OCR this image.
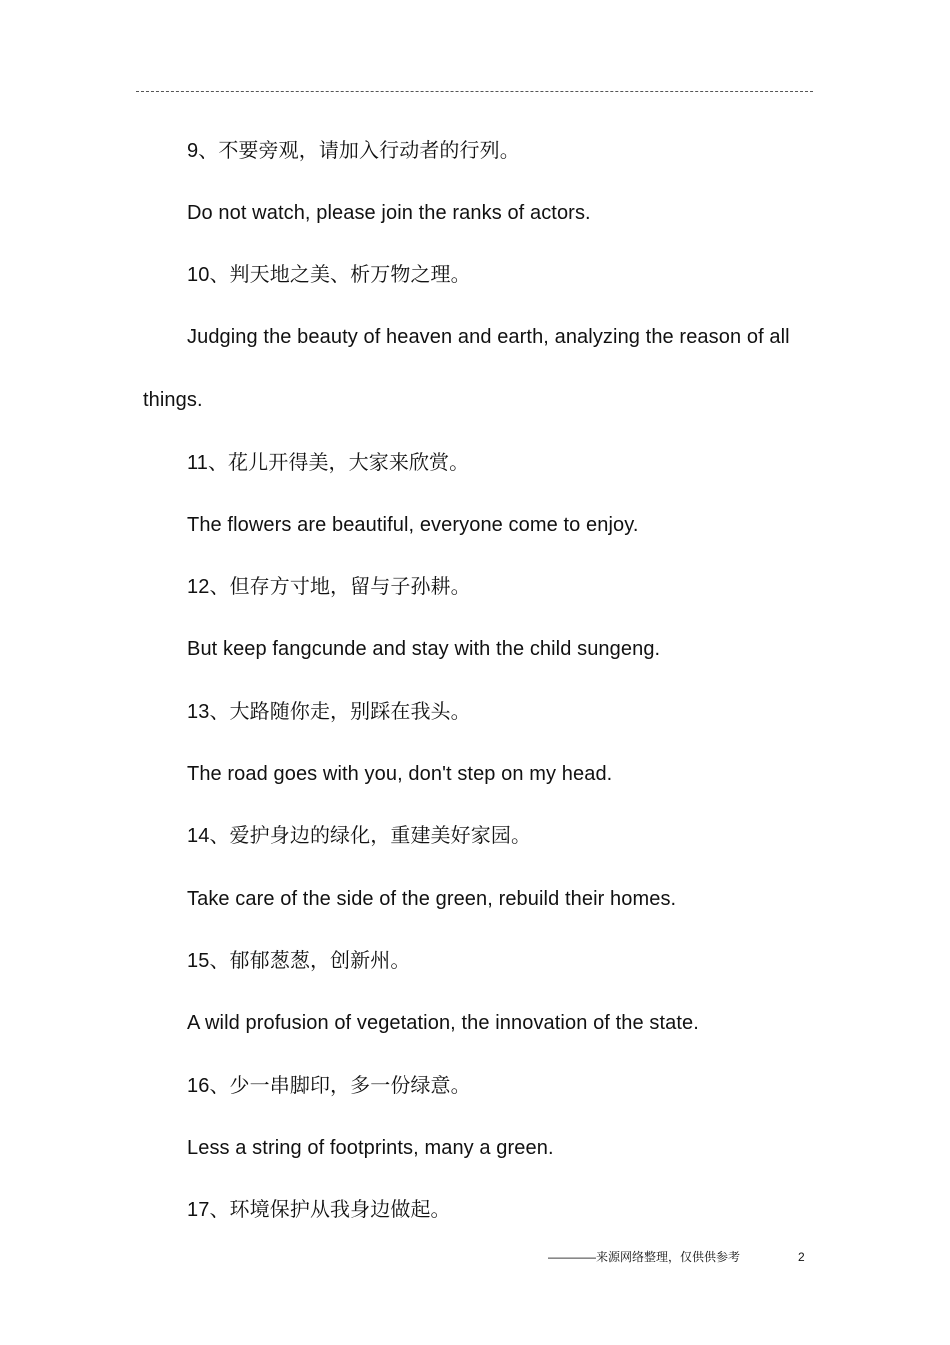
9、不要旁观，请加入行动者的行列。
Do not watch, please join the ranks of actors.
10、判天地之美、析万物之理。
Judging the beauty of heaven and earth, analyzing the reason of all
things.
11、花儿开得美，大家来欣赏。
The flowers are beautiful, everyone come to enjoy.
12、但存方寸地，留与子孙耕。
But keep fangcunde and stay with the child sungeng.
13、大路随你走，别踩在我头。
The road goes with you, don't step on my head.
14、爱护身边的绿化，重建美好家园。
Take care of the side of the green, rebuild their homes.
15、郁郁葱葱，创新州。
A wild profusion of vegetation, the innovation of the state.
16、少一串脚印，多一份绿意。
Less a string of footprints, many a green.
17、环境保护从我身边做起。
————来源网络整理，仅供供参考	2
